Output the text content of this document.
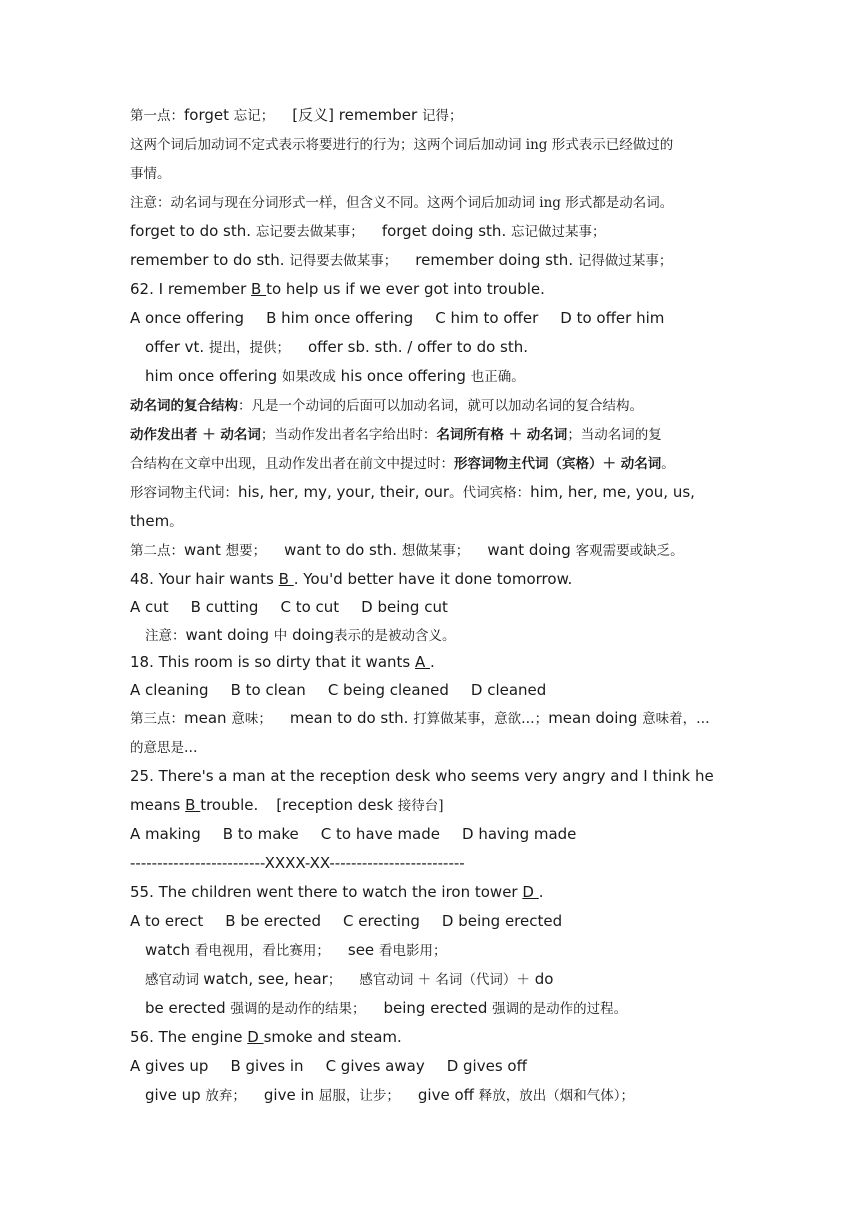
第一点：forget 忘记； [反义] remember 记得；
这两个词后加动词不定式表示将要进行的行为；这两个词后加动词 ing 形式表示已经做过的
事情。
注意：动名词与现在分词形式一样，但含义不同。这两个词后加动词 ing 形式都是动名词。
forget to do sth. 忘记要去做某事； forget doing sth. 忘记做过某事；
remember to do sth. 记得要去做某事； remember doing sth. 记得做过某事；
62. I remember B to help us if we ever got into trouble.
A once offering B him once offering C him to offer D to offer him
offer vt. 提出，提供； offer sb. sth. / offer to do sth.
him once offering 如果改成 his once offering 也正确。
动名词的复合结构：凡是一个动词的后面可以加动名词，就可以加动名词的复合结构。
动作发出者 ＋ 动名词；当动作发出者名字给出时：名词所有格 ＋ 动名词；当动名词的复
合结构在文章中出现，且动作发出者在前文中提过时：形容词物主代词（宾格）＋ 动名词。
形容词物主代词：his, her, my, your, their, our。代词宾格：him, her, me, you, us,
them。
第二点：want 想要； want to do sth. 想做某事； want doing 客观需要或缺乏。
48. Your hair wants B . You'd better have it done tomorrow.
A cut B cutting C to cut D being cut
注意：want doing 中 doing表示的是被动含义。
18. This room is so dirty that it wants A .
A cleaning B to clean C being cleaned D cleaned
第三点：mean 意味； mean to do sth. 打算做某事，意欲…；mean doing 意味着，…
的意思是…
25. There's a man at the reception desk who seems very angry and I think he
means B trouble. [reception desk 接待台]
A making B to make C to have made D having made
-------------------------XXXX-XX-------------------------
55. The children went there to watch the iron tower D .
A to erect B be erected C erecting D being erected
watch 看电视用，看比赛用； see 看电影用；
感官动词 watch, see, hear； 感官动词 ＋ 名词（代词）＋ do
be erected 强调的是动作的结果； being erected 强调的是动作的过程。
56. The engine D smoke and steam.
A gives up B gives in C gives away D gives off
give up 放弃； give in 屈服，让步； give off 释放，放出（烟和气体）；
